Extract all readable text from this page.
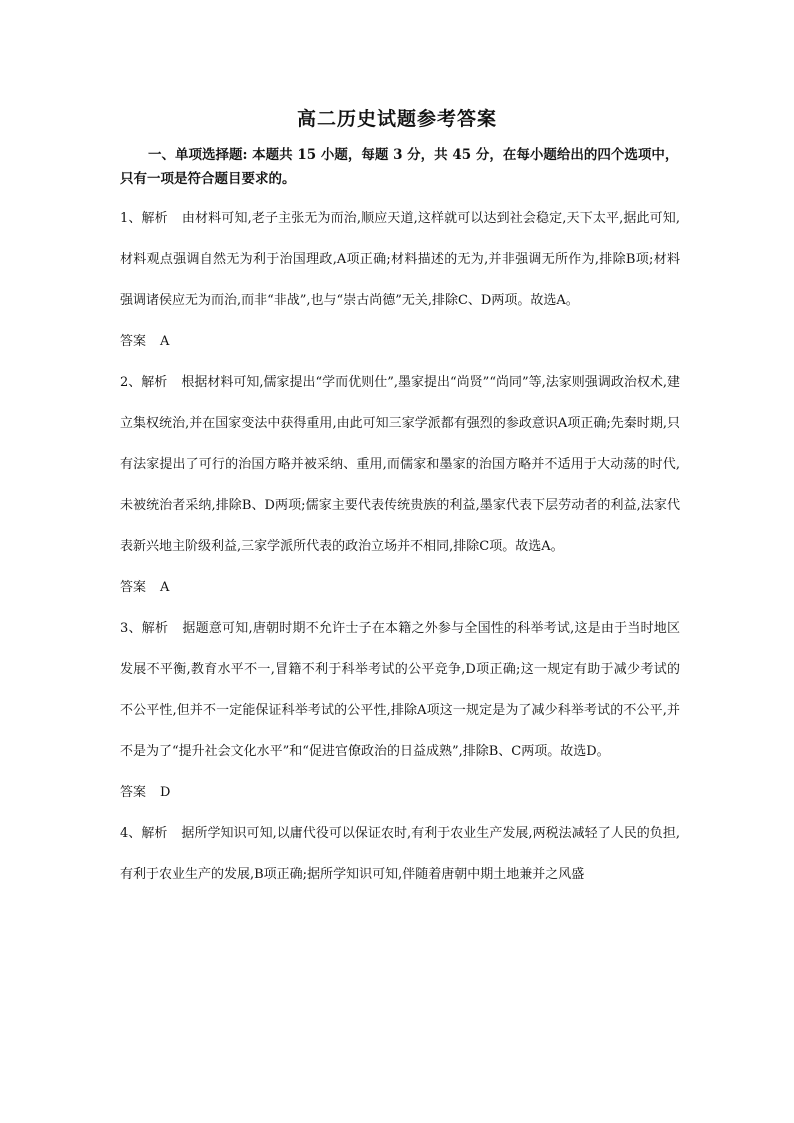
高二历史试题参考答案

一、单项选择题: 本题共 15 小题，每题 3 分，共 45 分，在每小题给出的四个选项中，只有一项是符合题目要求的。

1、解析 由材料可知,老子主张无为而治,顺应天道,这样就可以达到社会稳定,天下太平,据此可知,材料观点强调自然无为利于治国理政,A项正确;材料描述的无为,并非强调无所作为,排除B项;材料强调诸侯应无为而治,而非“非战”,也与“崇古尚德”无关,排除C、D两项。故选A。

答案 A

2、解析 根据材料可知,儒家提出“学而优则仕”,墨家提出“尚贤”“尚同”等,法家则强调政治权术,建立集权统治,并在国家变法中获得重用,由此可知三家学派都有强烈的参政意识A项正确;先秦时期,只有法家提出了可行的治国方略并被采纳、重用,而儒家和墨家的治国方略并不适用于大动荡的时代,未被统治者采纳,排除B、D两项;儒家主要代表传统贵族的利益,墨家代表下层劳动者的利益,法家代表新兴地主阶级利益,三家学派所代表的政治立场并不相同,排除C项。故选A。

答案 A

3、解析 据题意可知,唐朝时期不允许士子在本籍之外参与全国性的科举考试,这是由于当时地区发展不平衡,教育水平不一,冒籍不利于科举考试的公平竞争,D项正确;这一规定有助于减少考试的不公平性,但并不一定能保证科举考试的公平性,排除A项这一规定是为了减少科举考试的不公平,并不是为了“提升社会文化水平”和“促进官僚政治的日益成熟”,排除B、C两项。故选D。

答案 D

4、解析 据所学知识可知,以庸代役可以保证农时,有利于农业生产发展,两税法减轻了人民的负担,有利于农业生产的发展,B项正确;据所学知识可知,伴随着唐朝中期土地兼并之风盛
